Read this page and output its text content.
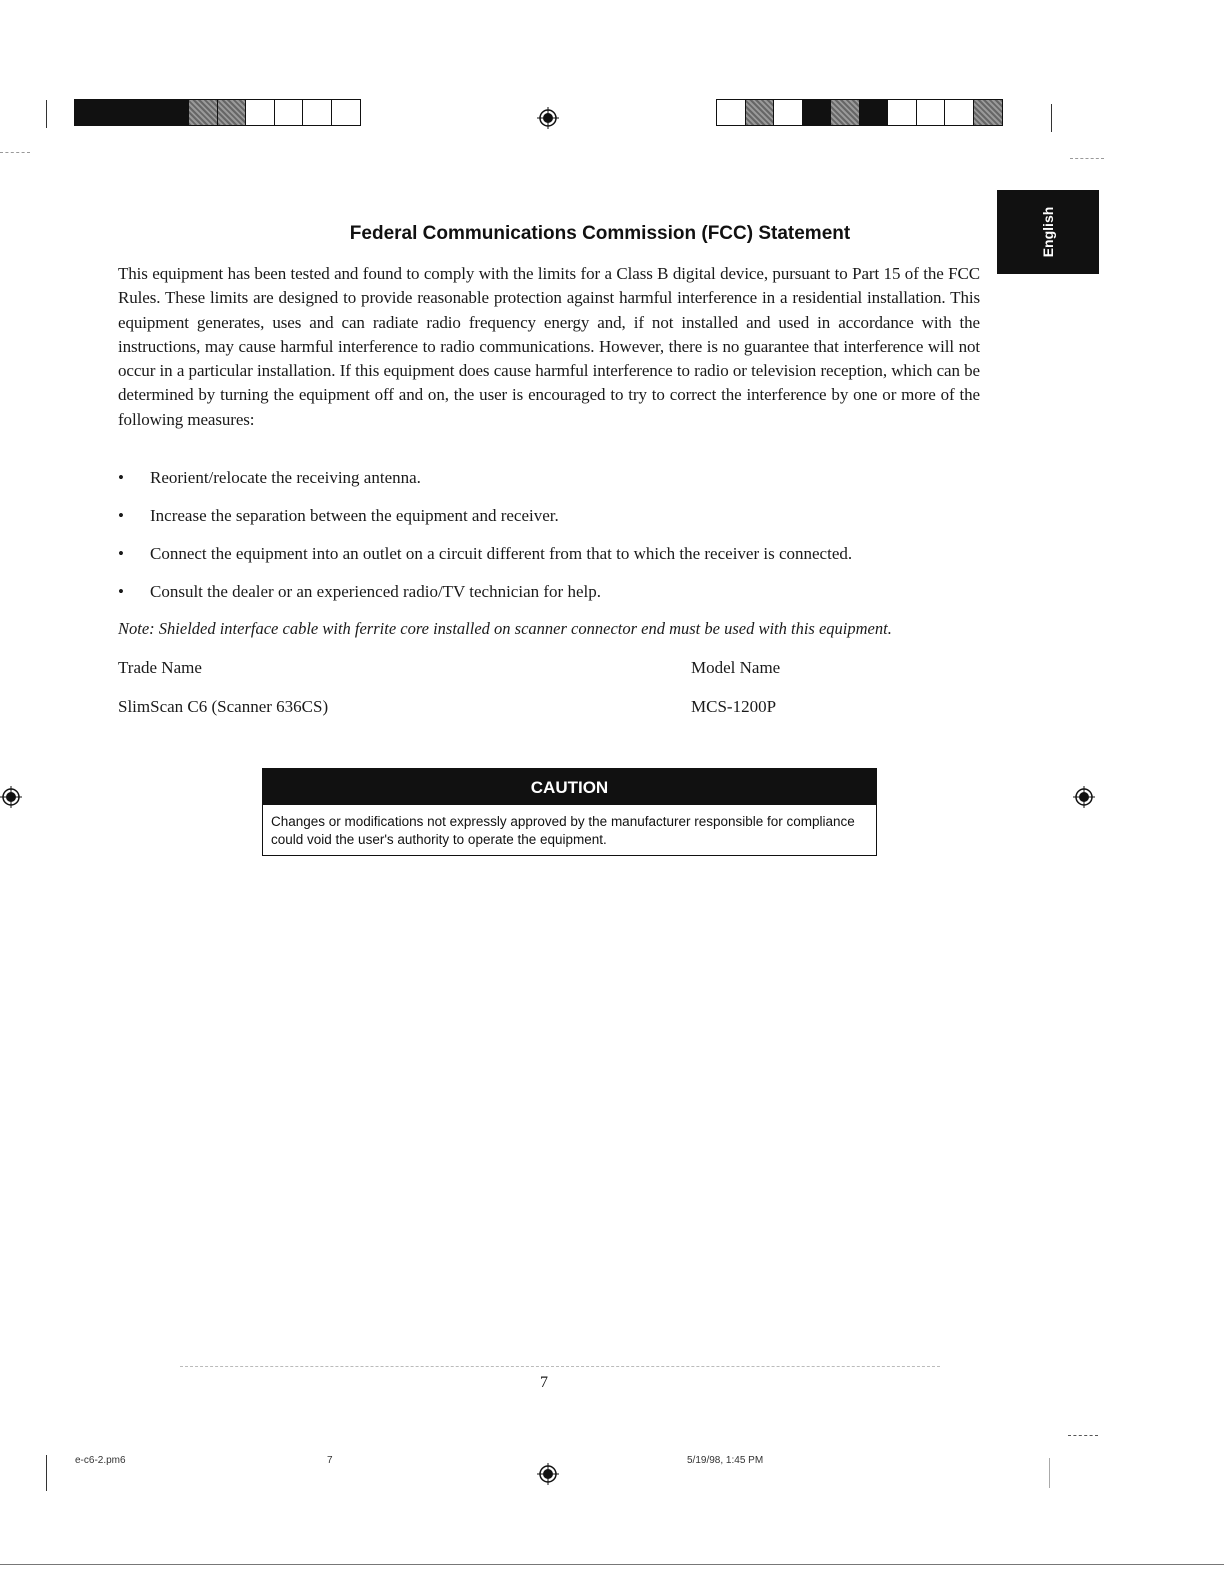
English
Federal Communications Commission (FCC) Statement
This equipment has been tested and found to comply with the limits for a Class B digital device, pursuant to Part 15 of the FCC Rules. These limits are designed to provide reasonable protection against harmful interference in a residential installation. This equipment generates, uses and can radiate radio frequency energy and, if not installed and used in accordance with the instructions, may cause harmful interference to radio communications. However, there is no guarantee that interference will not occur in a particular installation. If this equipment does cause harmful interference to radio or television reception, which can be determined by turning the equipment off and on, the user is encouraged to try to correct the interference by one or more of the following measures:
• Reorient/relocate the receiving antenna.
• Increase the separation between the equipment and receiver.
• Connect the equipment into an outlet on a circuit different from that to which the receiver is connected.
• Consult the dealer or an experienced radio/TV technician for help.
Note: Shielded interface cable with ferrite core installed on scanner connector end must be used with this equipment.
Trade Name
SlimScan C6 (Scanner 636CS)
Model Name
MCS-1200P
CAUTION
Changes or modifications not expressly approved by the manufacturer responsible for compliance could void the user's authority to operate the equipment.
7
e-c6-2.pm6	7	5/19/98, 1:45 PM
